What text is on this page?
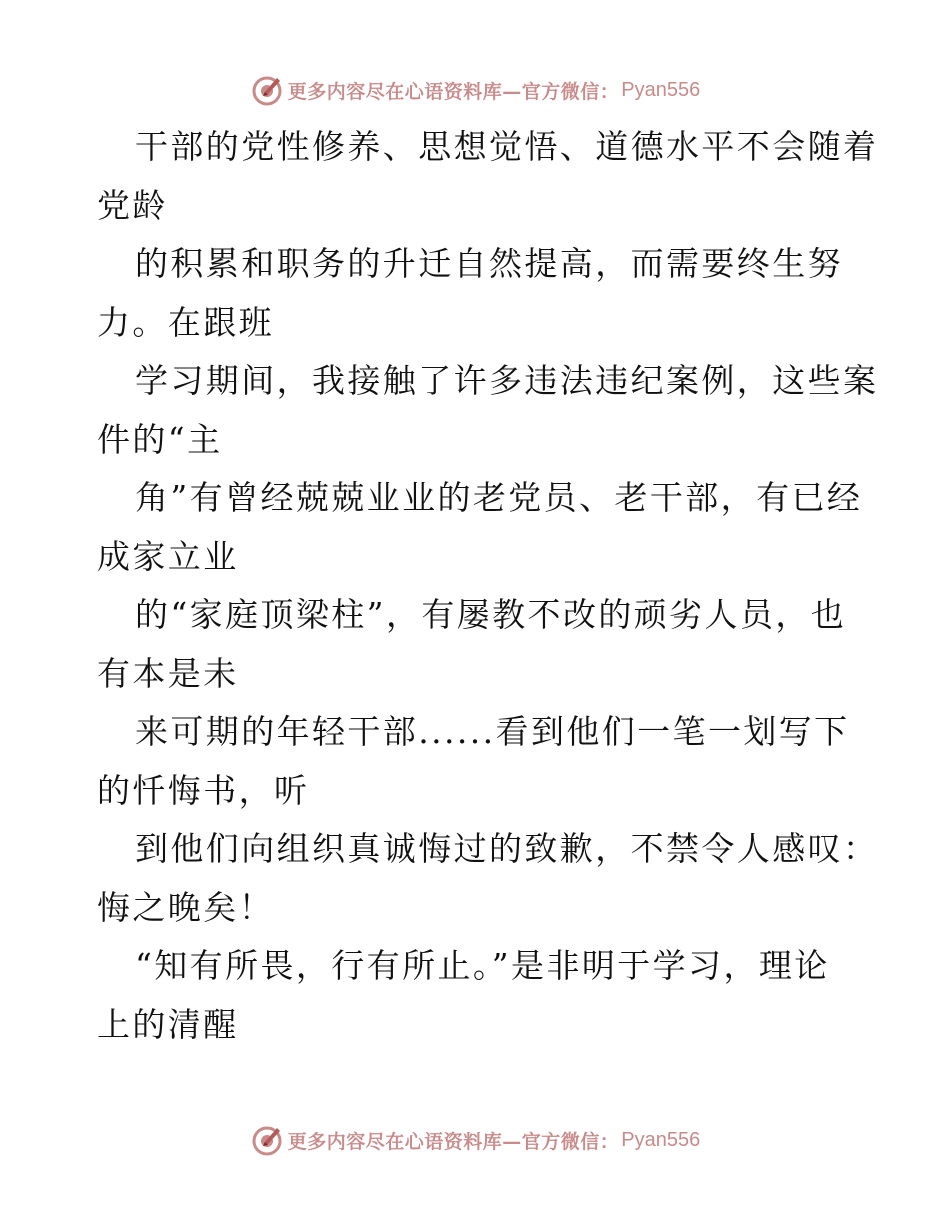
更多内容尽在心语资料库—官方微信： Pyan556
干部的党性修养、思想觉悟、道德水平不会随着
党龄
的积累和职务的升迁自然提高，而需要终生努
力。在跟班
学习期间，我接触了许多违法违纪案例，这些案
件的“主
角”有曾经兢兢业业的老党员、老干部，有已经
成家立业
的“家庭顶梁柱”，有屡教不改的顽劣人员，也
有本是未
来可期的年轻干部......看到他们一笔一划写下
的忏悔书，听
到他们向组织真诚悔过的致歉，不禁令人感叹：
悔之晚矣！
“知有所畏，行有所止。”是非明于学习，理论
上的清醒
更多内容尽在心语资料库—官方微信： Pyan556
